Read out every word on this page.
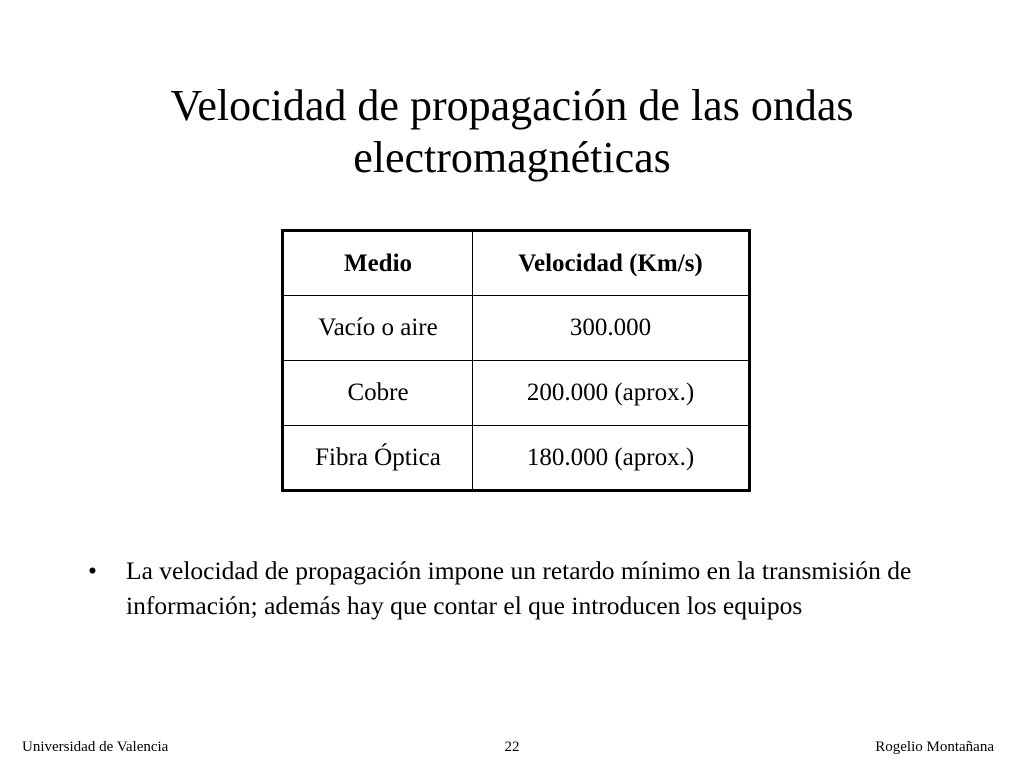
Velocidad de propagación de las ondas
electromagnéticas
Medio	Velocidad (Km/s)
Vacío o aire	300.000
Cobre	200.000 (aprox.)
Fibra Óptica	180.000 (aprox.)
• La velocidad de propagación impone un retardo mínimo en la transmisión de información; además hay que contar el que introducen los equipos
Universidad de Valencia	22	Rogelio Montañana
